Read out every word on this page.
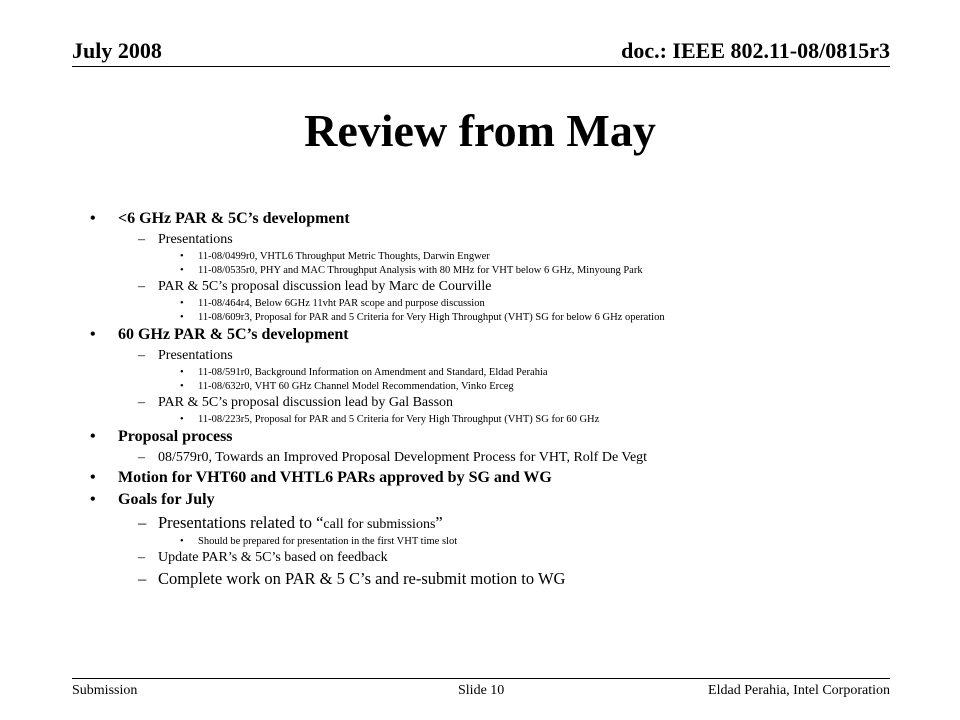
July 2008	doc.: IEEE 802.11-08/0815r3
Review from May
• <6 GHz PAR & 5C’s development
– Presentations
• 11-08/0499r0, VHTL6 Throughput Metric Thoughts, Darwin Engwer
• 11-08/0535r0, PHY and MAC Throughput Analysis with 80 MHz for VHT below 6 GHz, Minyoung Park
– PAR & 5C’s proposal discussion lead by Marc de Courville
• 11-08/464r4, Below 6GHz 11vht PAR scope and purpose discussion
• 11-08/609r3, Proposal for PAR and 5 Criteria for Very High Throughput (VHT) SG for below 6 GHz operation
• 60 GHz PAR & 5C’s development
– Presentations
• 11-08/591r0, Background Information on Amendment and Standard, Eldad Perahia
• 11-08/632r0, VHT 60 GHz Channel Model Recommendation, Vinko Erceg
– PAR & 5C’s proposal discussion lead by Gal Basson
• 11-08/223r5, Proposal for PAR and 5 Criteria for Very High Throughput (VHT) SG for 60 GHz
• Proposal process
– 08/579r0, Towards an Improved Proposal Development Process for VHT, Rolf De Vegt
• Motion for VHT60 and VHTL6 PARs approved by SG and WG
• Goals for July
– Presentations related to “call for submissions”
• Should be prepared for presentation in the first VHT time slot
– Update PAR’s & 5C’s based on feedback
– Complete work on PAR & 5 C’s and re-submit motion to WG
Submission	Slide 10	Eldad Perahia, Intel Corporation
